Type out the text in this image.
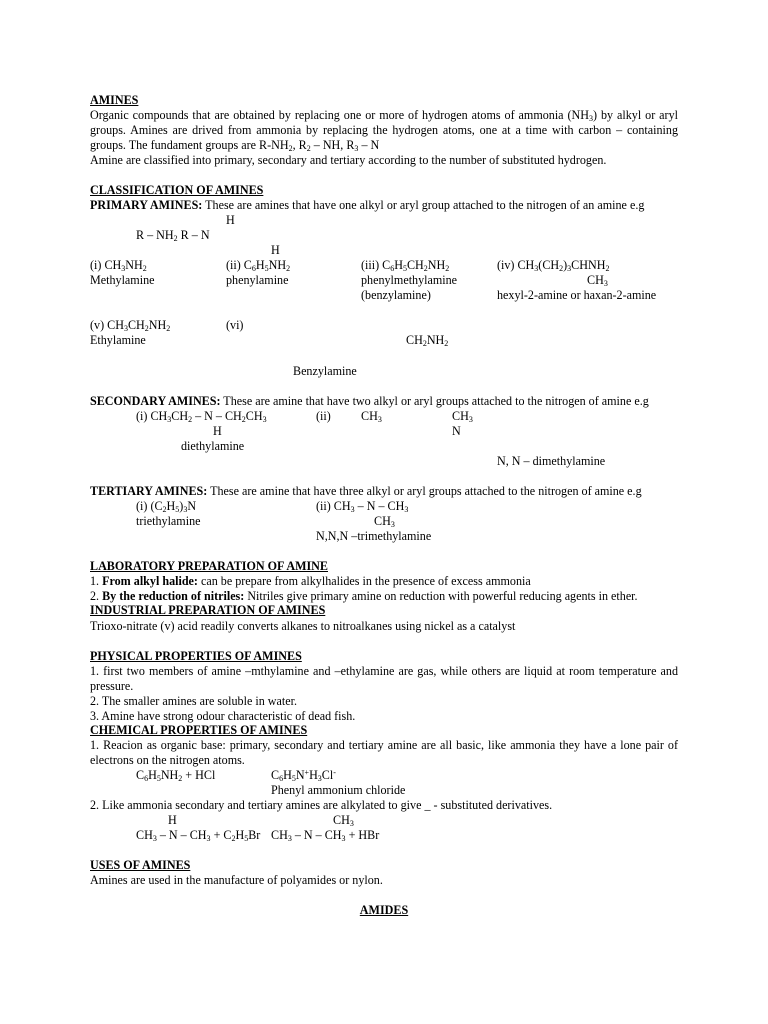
AMINES
Organic compounds that are obtained by replacing one or more of hydrogen atoms of ammonia $(NH_3)$ by alkyl or aryl groups. Amines are drived from ammonia by replacing the hydrogen atoms, one at a time with carbon – containing groups. The fundament groups are $R-NH_2$, $R_2$ – NH, $R_3$ – N
Amine are classified into primary, secondary and tertiary according to the number of substituted hydrogen.
CLASSIFICATION OF AMINES
PRIMARY AMINES: These are amines that have one alkyl or aryl group attached to the nitrogen of an amine e.g
H
R – $NH_2$ R – N
H
(i) $CH_3NH_2$
Methylamine
(ii) $C_6H_5NH_2$
phenylamine
(iii) $C_6H_5CH_2NH_2$
phenylmethylamine
(benzylamine)
(iv) $CH_3(CH_2)_3CHNH_2$
$CH_3$
hexyl-2-amine or haxan-2-amine
(v) $CH_3CH_2NH_2$
Ethylamine
(vi)
$CH_2NH_2$
Benzylamine
SECONDARY AMINES: These are amine that have two alkyl or aryl groups attached to the nitrogen of amine e.g
(i) $CH_3CH_2$ – N – $CH_2CH_3$
H
diethylamine
(ii) $CH_3$	$CH_3$
N
N, N – dimethylamine
TERTIARY AMINES: These are amine that have three alkyl or aryl groups attached to the nitrogen of amine e.g
(i) $(C_2H_5)_3N$
triethylamine
(ii) $CH_3$ – N – $CH_3$
$CH_3$
N,N,N –trimethylamine
LABORATORY PREPARATION OF AMINE
1. From alkyl halide: can be prepare from alkylhalides in the presence of excess ammonia
2. By the reduction of nitriles: Nitriles give primary amine on reduction with powerful reducing agents in ether.
INDUSTRIAL PREPARATION OF AMINES
Trioxo-nitrate (v) acid readily converts alkanes to nitroalkanes using nickel as a catalyst
PHYSICAL PROPERTIES OF AMINES
1. first two members of amine –mthylamine and –ethylamine are gas, while others are liquid at room temperature and pressure.
2. The smaller amines are soluble in water.
3. Amine have strong odour characteristic of dead fish.
CHEMICAL PROPERTIES OF AMINES
1. Reacion as organic base: primary, secondary and tertiary amine are all basic, like ammonia they have a lone pair of electrons on the nitrogen atoms.
$C_6H_5NH_2$ + HCl	$C_6H_5N^+H_3Cl^-$
Phenyl ammonium chloride
2. Like ammonia secondary and tertiary amines are alkylated to give _ - substituted derivatives.
H	$CH_3$
$CH_3 - N - CH_3 + C_2H_5Br$ $CH_3$ – N – $CH_3$ + HBr
USES OF AMINES
Amines are used in the manufacture of polyamides or nylon.
AMIDES
